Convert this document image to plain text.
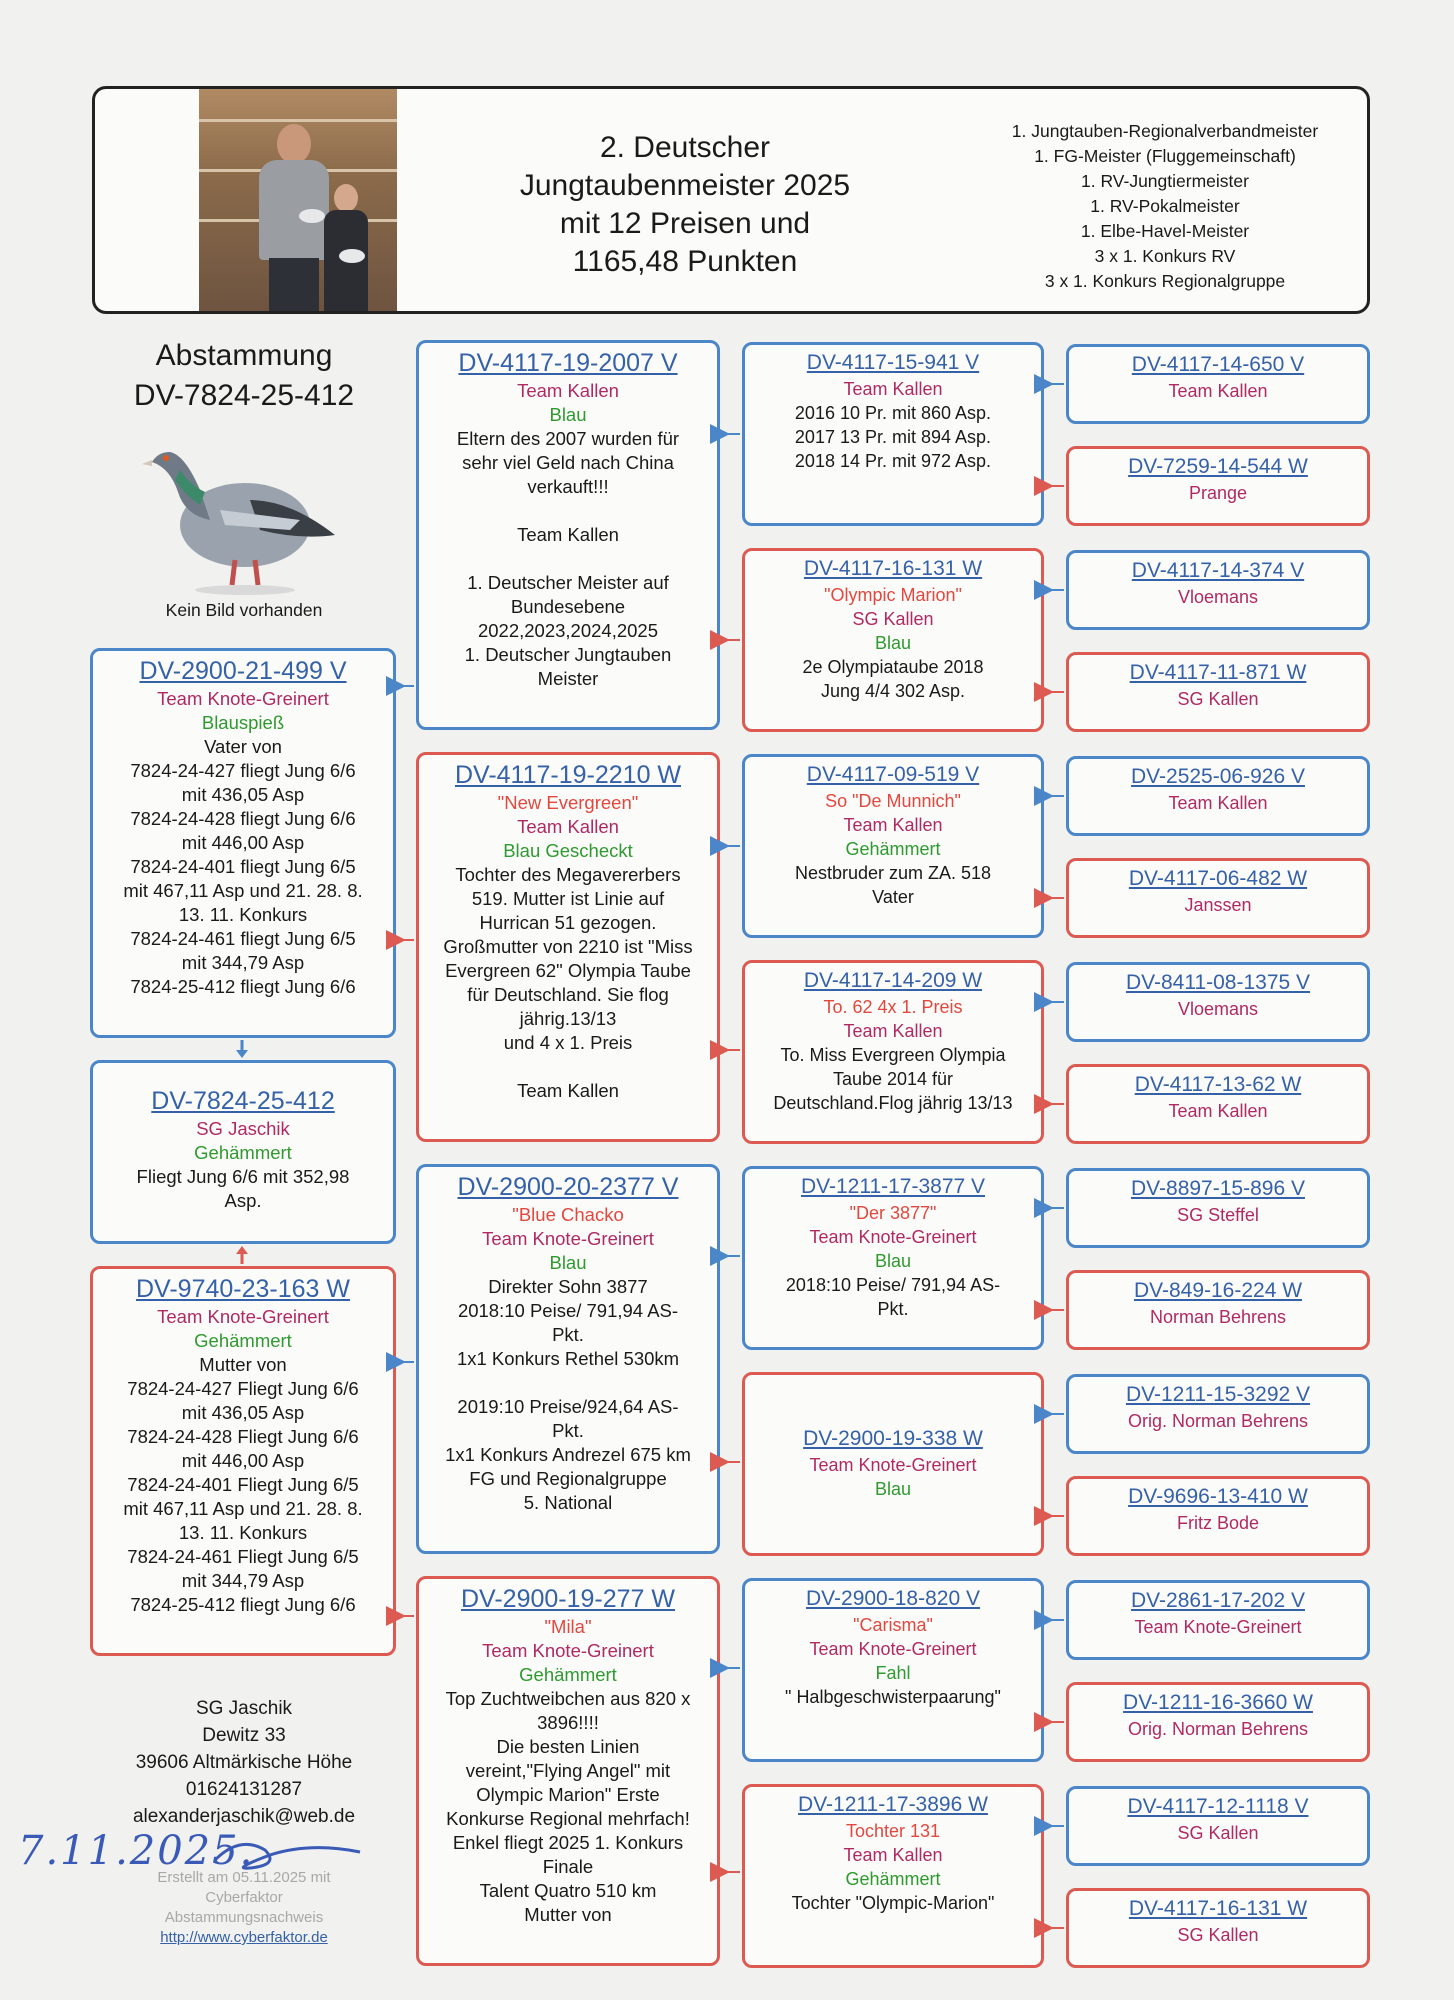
2. Deutscher
Jungtaubenmeister 2025
mit 12 Preisen und
1165,48 Punkten
1. Jungtauben-Regionalverbandmeister
1. FG-Meister (Fluggemeinschaft)
1. RV-Jungtiermeister
1. RV-Pokalmeister
1. Elbe-Havel-Meister
3 x 1. Konkurs RV
3 x 1. Konkurs Regionalgruppe
Abstammung
DV-7824-25-412
Kein Bild vorhanden
DV-2900-21-499 V
Team Knote-Greinert
Blauspieß
Vater von
7824-24-427 fliegt Jung 6/6
mit 436,05 Asp
7824-24-428 fliegt Jung 6/6
mit 446,00 Asp
7824-24-401 fliegt Jung 6/5
mit 467,11 Asp und 21. 28. 8.
13. 11. Konkurs
7824-24-461 fliegt Jung 6/5
mit 344,79 Asp
7824-25-412 fliegt Jung 6/6
DV-7824-25-412
SG Jaschik
Gehämmert
Fliegt Jung 6/6 mit 352,98
Asp.
DV-9740-23-163 W
Team Knote-Greinert
Gehämmert
Mutter von
7824-24-427 Fliegt Jung 6/6
mit 436,05 Asp
7824-24-428 Fliegt Jung 6/6
mit 446,00 Asp
7824-24-401 Fliegt Jung 6/5
mit 467,11 Asp und 21. 28. 8.
13. 11. Konkurs
7824-24-461 Fliegt Jung 6/5
mit 344,79 Asp
7824-25-412 fliegt Jung 6/6
DV-4117-19-2007 V
Team Kallen
Blau
Eltern des 2007 wurden für
sehr viel Geld nach China
verkauft!!!
Team Kallen
1. Deutscher Meister auf
Bundesebene
2022,2023,2024,2025
1. Deutscher Jungtauben
Meister
DV-4117-19-2210 W
"New Evergreen"
Team Kallen
Blau Gescheckt
Tochter des Megavererbers
519. Mutter ist Linie auf
Hurrican 51 gezogen.
Großmutter von 2210 ist "Miss
Evergreen 62" Olympia Taube
für Deutschland. Sie flog
jährig.13/13
und 4 x 1. Preis
Team Kallen
DV-2900-20-2377 V
"Blue Chacko
Team Knote-Greinert
Blau
Direkter Sohn 3877
2018:10 Peise/ 791,94 AS-
Pkt.
1x1 Konkurs Rethel 530km
2019:10 Preise/924,64 AS-
Pkt.
1x1 Konkurs Andrezel 675 km
FG und Regionalgruppe
5. National
DV-2900-19-277 W
"Mila"
Team Knote-Greinert
Gehämmert
Top Zuchtweibchen aus 820 x
3896!!!!
Die besten Linien
vereint,"Flying Angel" mit
Olympic Marion" Erste
Konkurse Regional mehrfach!
Enkel fliegt 2025 1. Konkurs
Finale
Talent Quatro 510 km
Mutter von
DV-4117-15-941 V
Team Kallen
2016 10 Pr. mit 860 Asp.
2017 13 Pr. mit 894 Asp.
2018 14 Pr. mit 972 Asp.
DV-4117-16-131 W
"Olympic Marion"
SG Kallen
Blau
2e Olympiataube 2018
Jung 4/4 302 Asp.
DV-4117-09-519 V
So "De Munnich"
Team Kallen
Gehämmert
Nestbruder zum ZA. 518
Vater
DV-4117-14-209 W
To. 62 4x 1. Preis
Team Kallen
To. Miss Evergreen Olympia
Taube 2014 für
Deutschland.Flog jährig 13/13
DV-1211-17-3877 V
"Der 3877"
Team Knote-Greinert
Blau
2018:10 Peise/ 791,94 AS-
Pkt.
DV-2900-19-338 W
Team Knote-Greinert
Blau
DV-2900-18-820 V
"Carisma"
Team Knote-Greinert
Fahl
" Halbgeschwisterpaarung"
DV-1211-17-3896 W
Tochter 131
Team Kallen
Gehämmert
Tochter "Olympic-Marion"
DV-4117-14-650 V
Team Kallen
DV-7259-14-544 W
Prange
DV-4117-14-374 V
Vloemans
DV-4117-11-871 W
SG Kallen
DV-2525-06-926 V
Team Kallen
DV-4117-06-482 W
Janssen
DV-8411-08-1375 V
Vloemans
DV-4117-13-62 W
Team Kallen
DV-8897-15-896 V
SG Steffel
DV-849-16-224 W
Norman Behrens
DV-1211-15-3292 V
Orig. Norman Behrens
DV-9696-13-410 W
Fritz Bode
DV-2861-17-202 V
Team Knote-Greinert
DV-1211-16-3660 W
Orig. Norman Behrens
DV-4117-12-1118 V
SG Kallen
DV-4117-16-131 W
SG Kallen
SG Jaschik
Dewitz 33
39606 Altmärkische Höhe
01624131287
alexanderjaschik@web.de
7.11.2025.
Erstellt am 05.11.2025 mit
Cyberfaktor
Abstammungsnachweis
http://www.cyberfaktor.de
